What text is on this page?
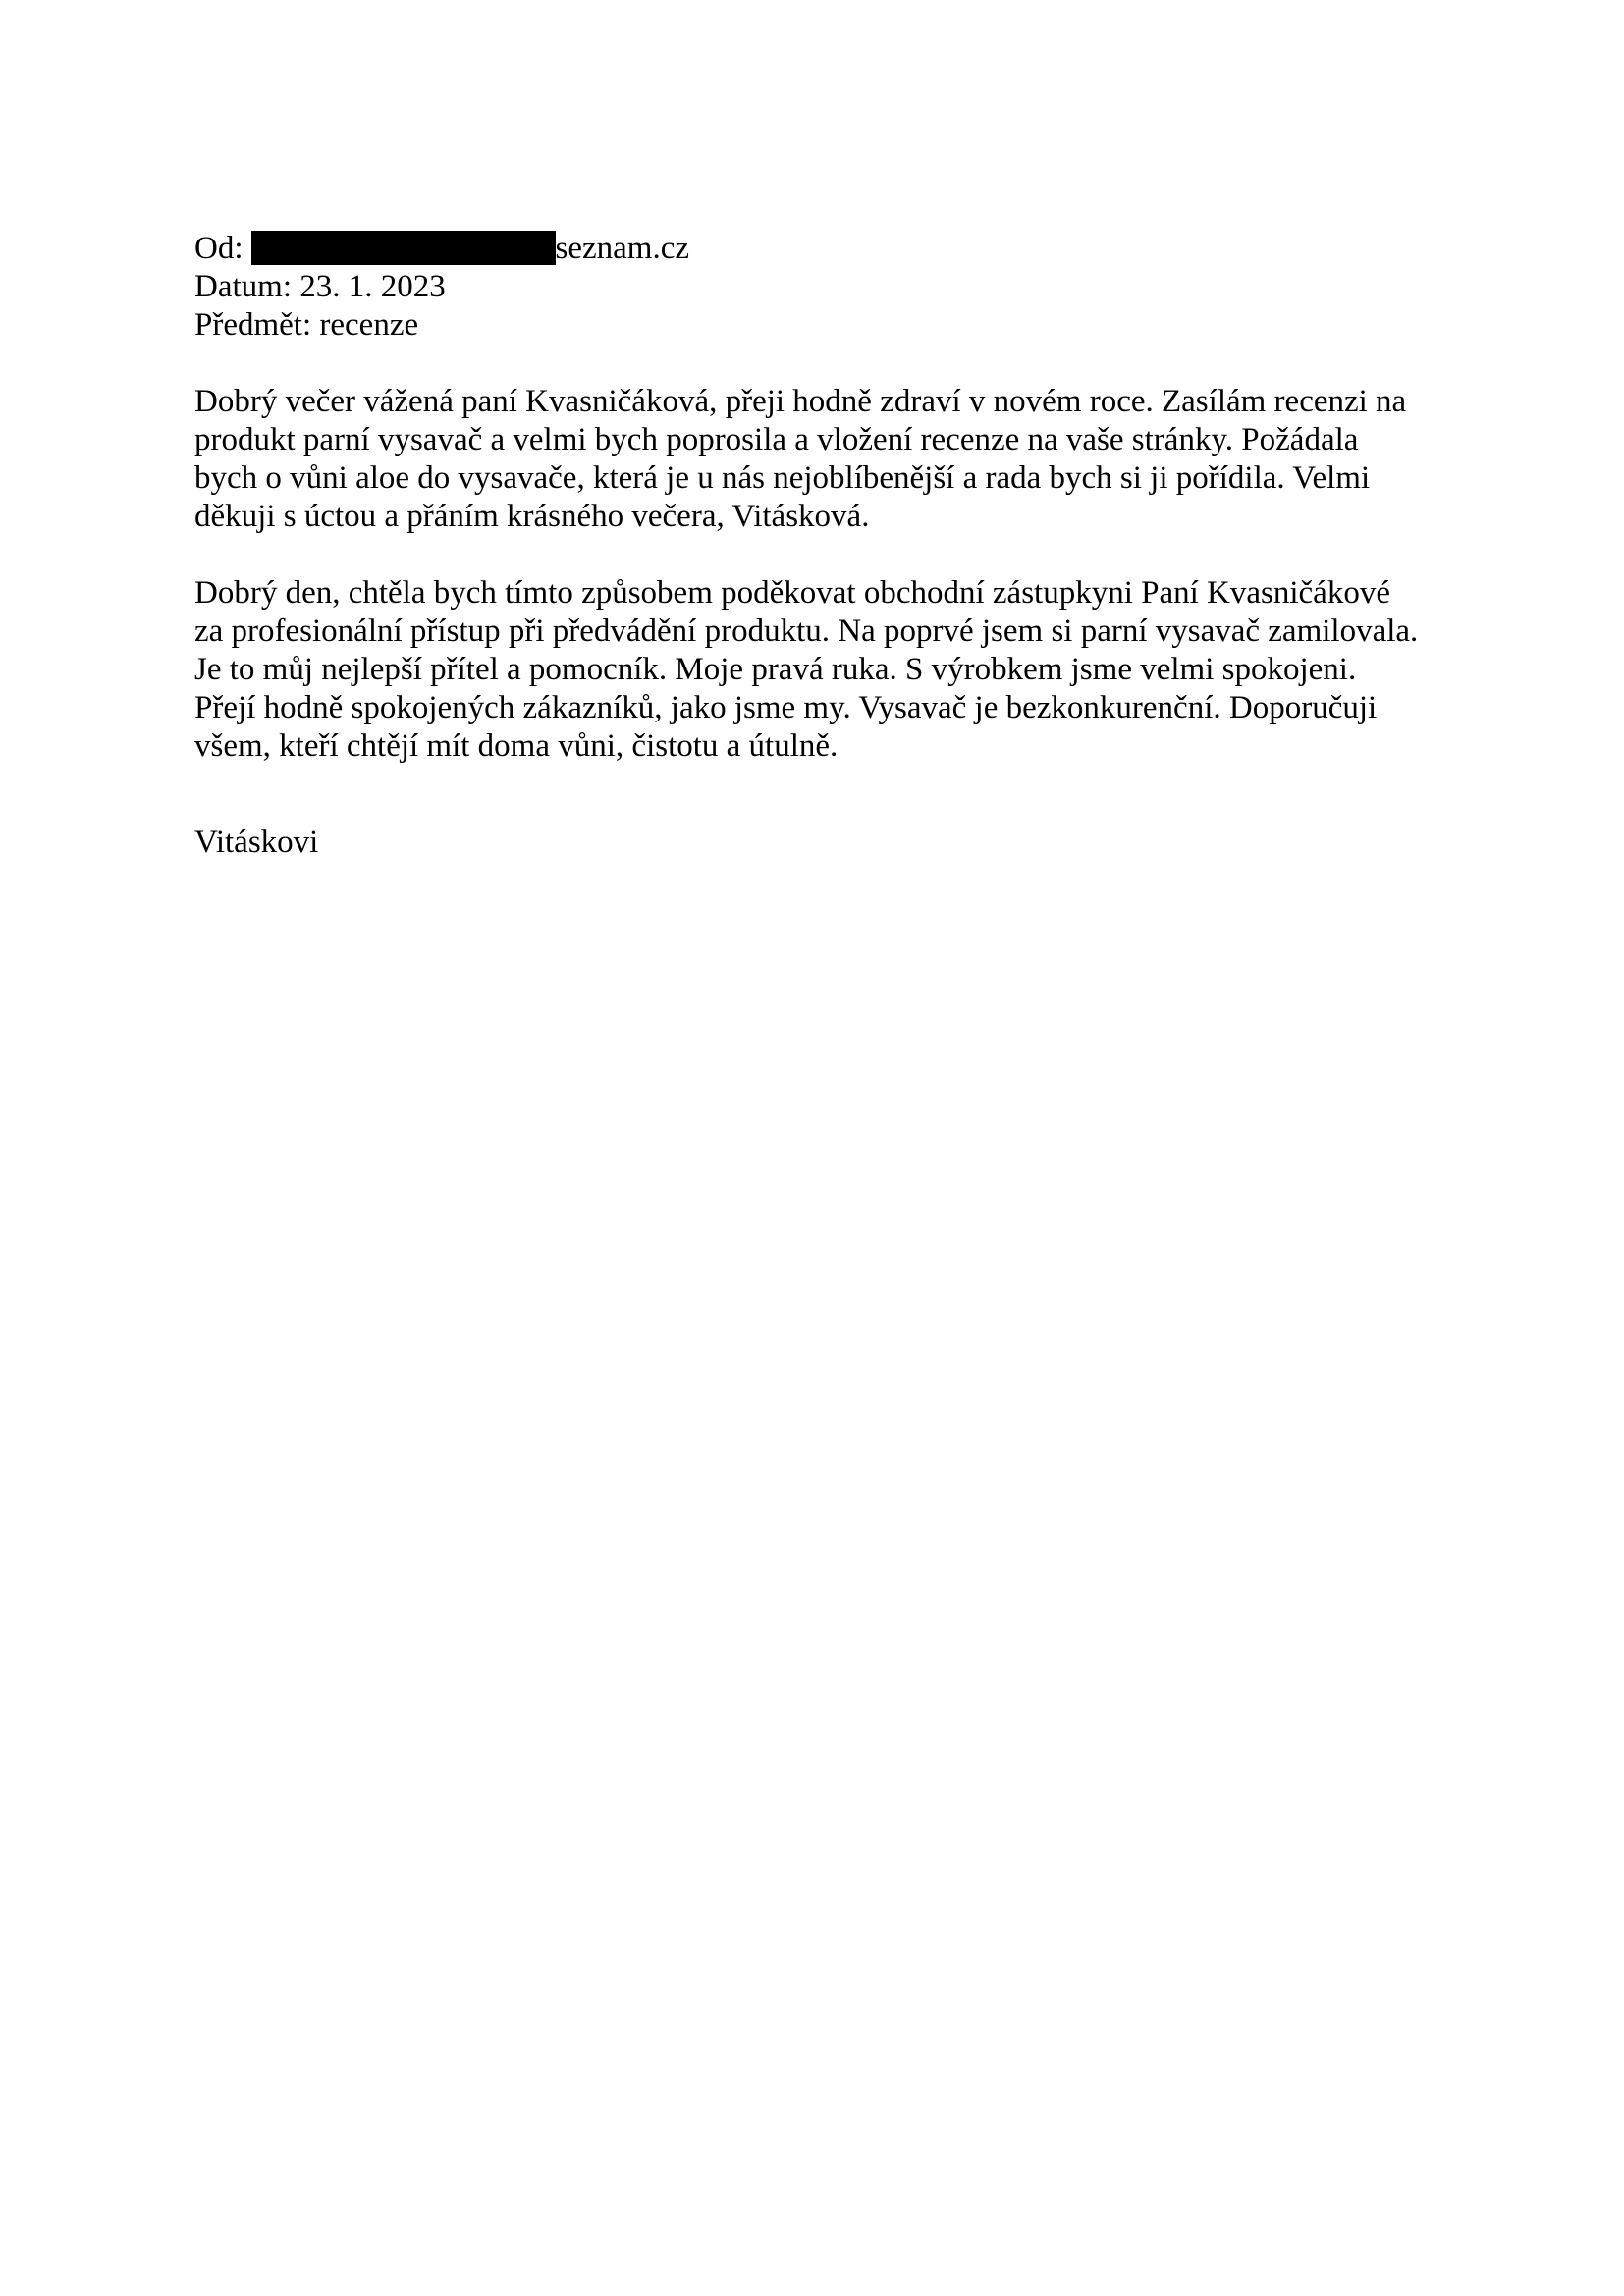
Od:	seznam.cz
Datum: 23. 1. 2023
Předmět: recenze

Dobrý večer vážená paní Kvasničáková, přeji hodně zdraví v novém roce. Zasílám recenzi na
produkt parní vysavač a velmi bych poprosila a vložení recenze na vaše stránky. Požádala
bych o vůni aloe do vysavače, která je u nás nejoblíbenější a rada bych si ji pořídila. Velmi
děkuji s úctou a přáním krásného večera, Vitásková.

Dobrý den, chtěla bych tímto způsobem poděkovat obchodní zástupkyni Paní Kvasničákové
za profesionální přístup při předvádění produktu. Na poprvé jsem si parní vysavač zamilovala.
Je to můj nejlepší přítel a pomocník. Moje pravá ruka. S výrobkem jsme velmi spokojeni.
Přejí hodně spokojených zákazníků, jako jsme my. Vysavač je bezkonkurenční. Doporučuji
všem, kteří chtějí mít doma vůni, čistotu a útulně.

Vitáskovi
